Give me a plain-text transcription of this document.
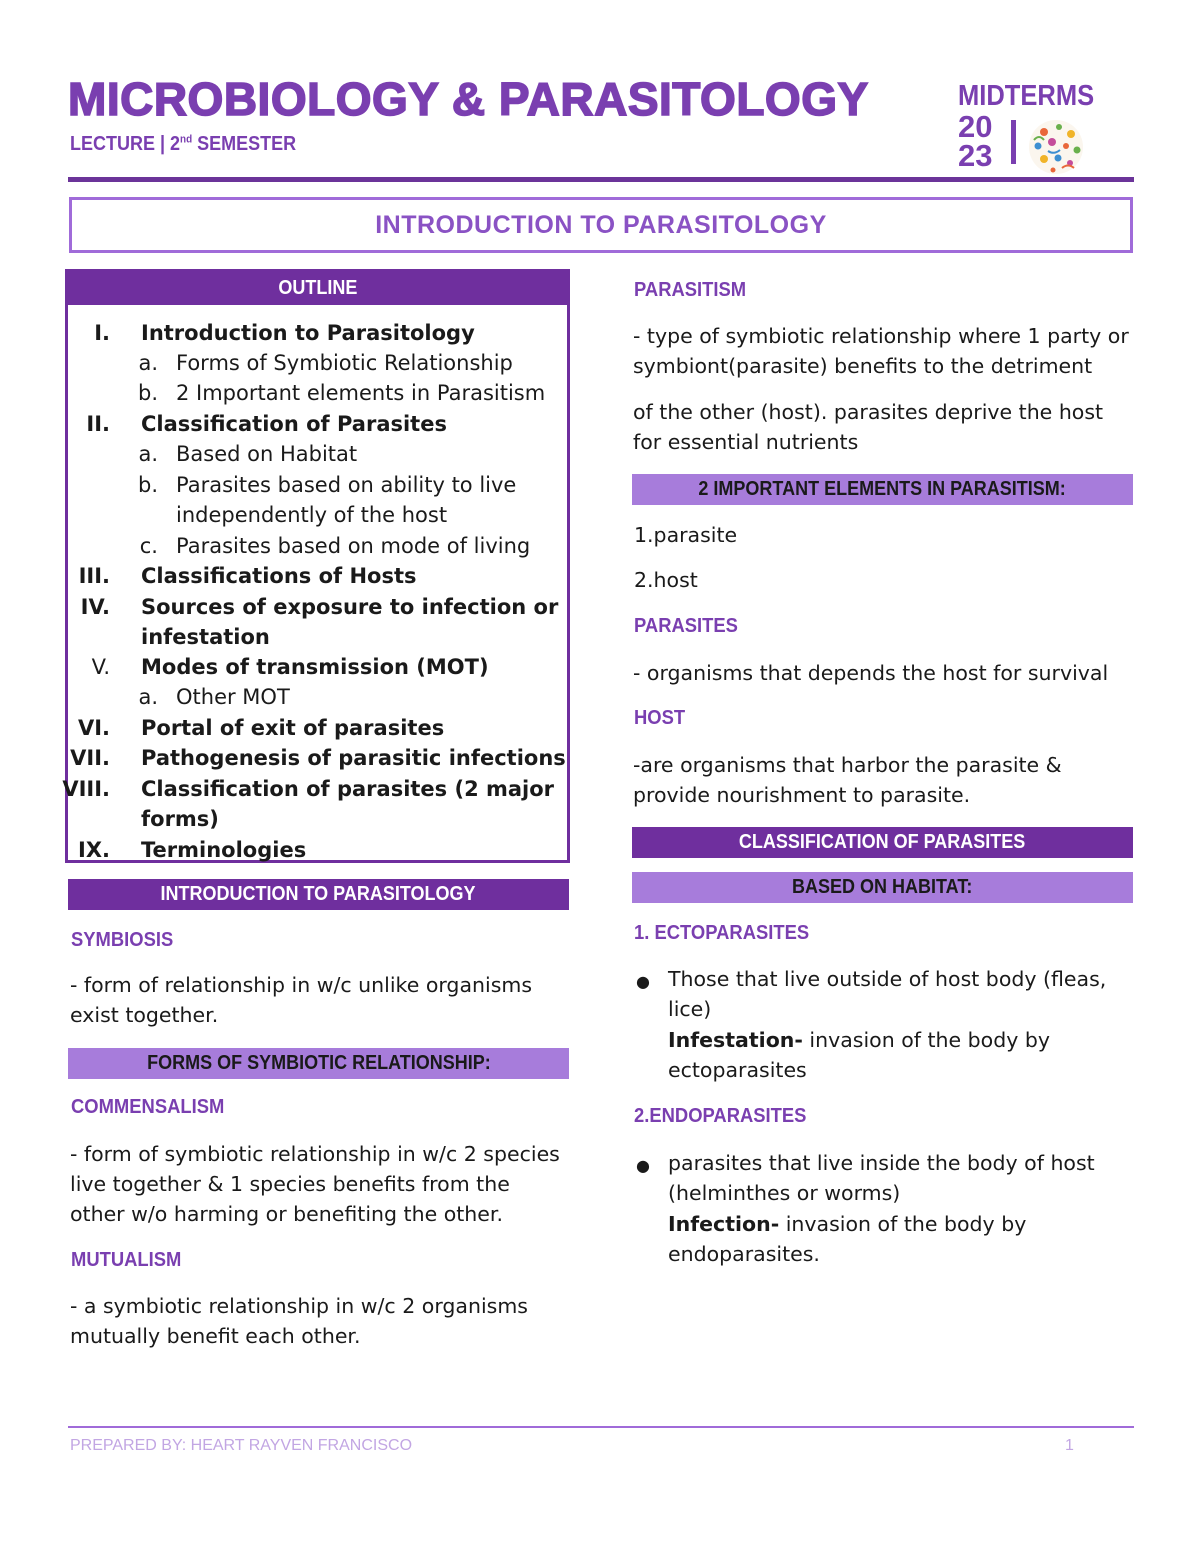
MICROBIOLOGY & PARASITOLOGY
LECTURE | 2nd SEMESTER
MIDTERMS
20
23
INTRODUCTION TO PARASITOLOGY
OUTLINE
I. Introduction to Parasitology
a. Forms of Symbiotic Relationship
b. 2 Important elements in Parasitism
II. Classification of Parasites
a. Based on Habitat
b. Parasites based on ability to live
independently of the host
c. Parasites based on mode of living
III. Classifications of Hosts
IV. Sources of exposure to infection or
infestation
V. Modes of transmission (MOT)
a. Other MOT
VI. Portal of exit of parasites
VII. Pathogenesis of parasitic infections
VIII. Classification of parasites (2 major
forms)
IX. Terminologies
INTRODUCTION TO PARASITOLOGY
SYMBIOSIS
- form of relationship in w/c unlike organisms exist together.
FORMS OF SYMBIOTIC RELATIONSHIP:
COMMENSALISM
- form of symbiotic relationship in w/c 2 species live together & 1 species benefits from the other w/o harming or benefiting the other.
MUTUALISM
- a symbiotic relationship in w/c 2 organisms mutually benefit each other.
PARASITISM
- type of symbiotic relationship where 1 party or symbiont(parasite) benefits to the detriment
of the other (host). parasites deprive the host for essential nutrients
2 IMPORTANT ELEMENTS IN PARASITISM:
1.parasite
2.host
PARASITES
- organisms that depends the host for survival
HOST
-are organisms that harbor the parasite & provide nourishment to parasite.
CLASSIFICATION OF PARASITES
BASED ON HABITAT:
1. ECTOPARASITES
● Those that live outside of host body (fleas, lice)
Infestation- invasion of the body by ectoparasites
2.ENDOPARASITES
● parasites that live inside the body of host (helminthes or worms)
Infection- invasion of the body by endoparasites.
PREPARED BY: HEART RAYVEN FRANCISCO	1
